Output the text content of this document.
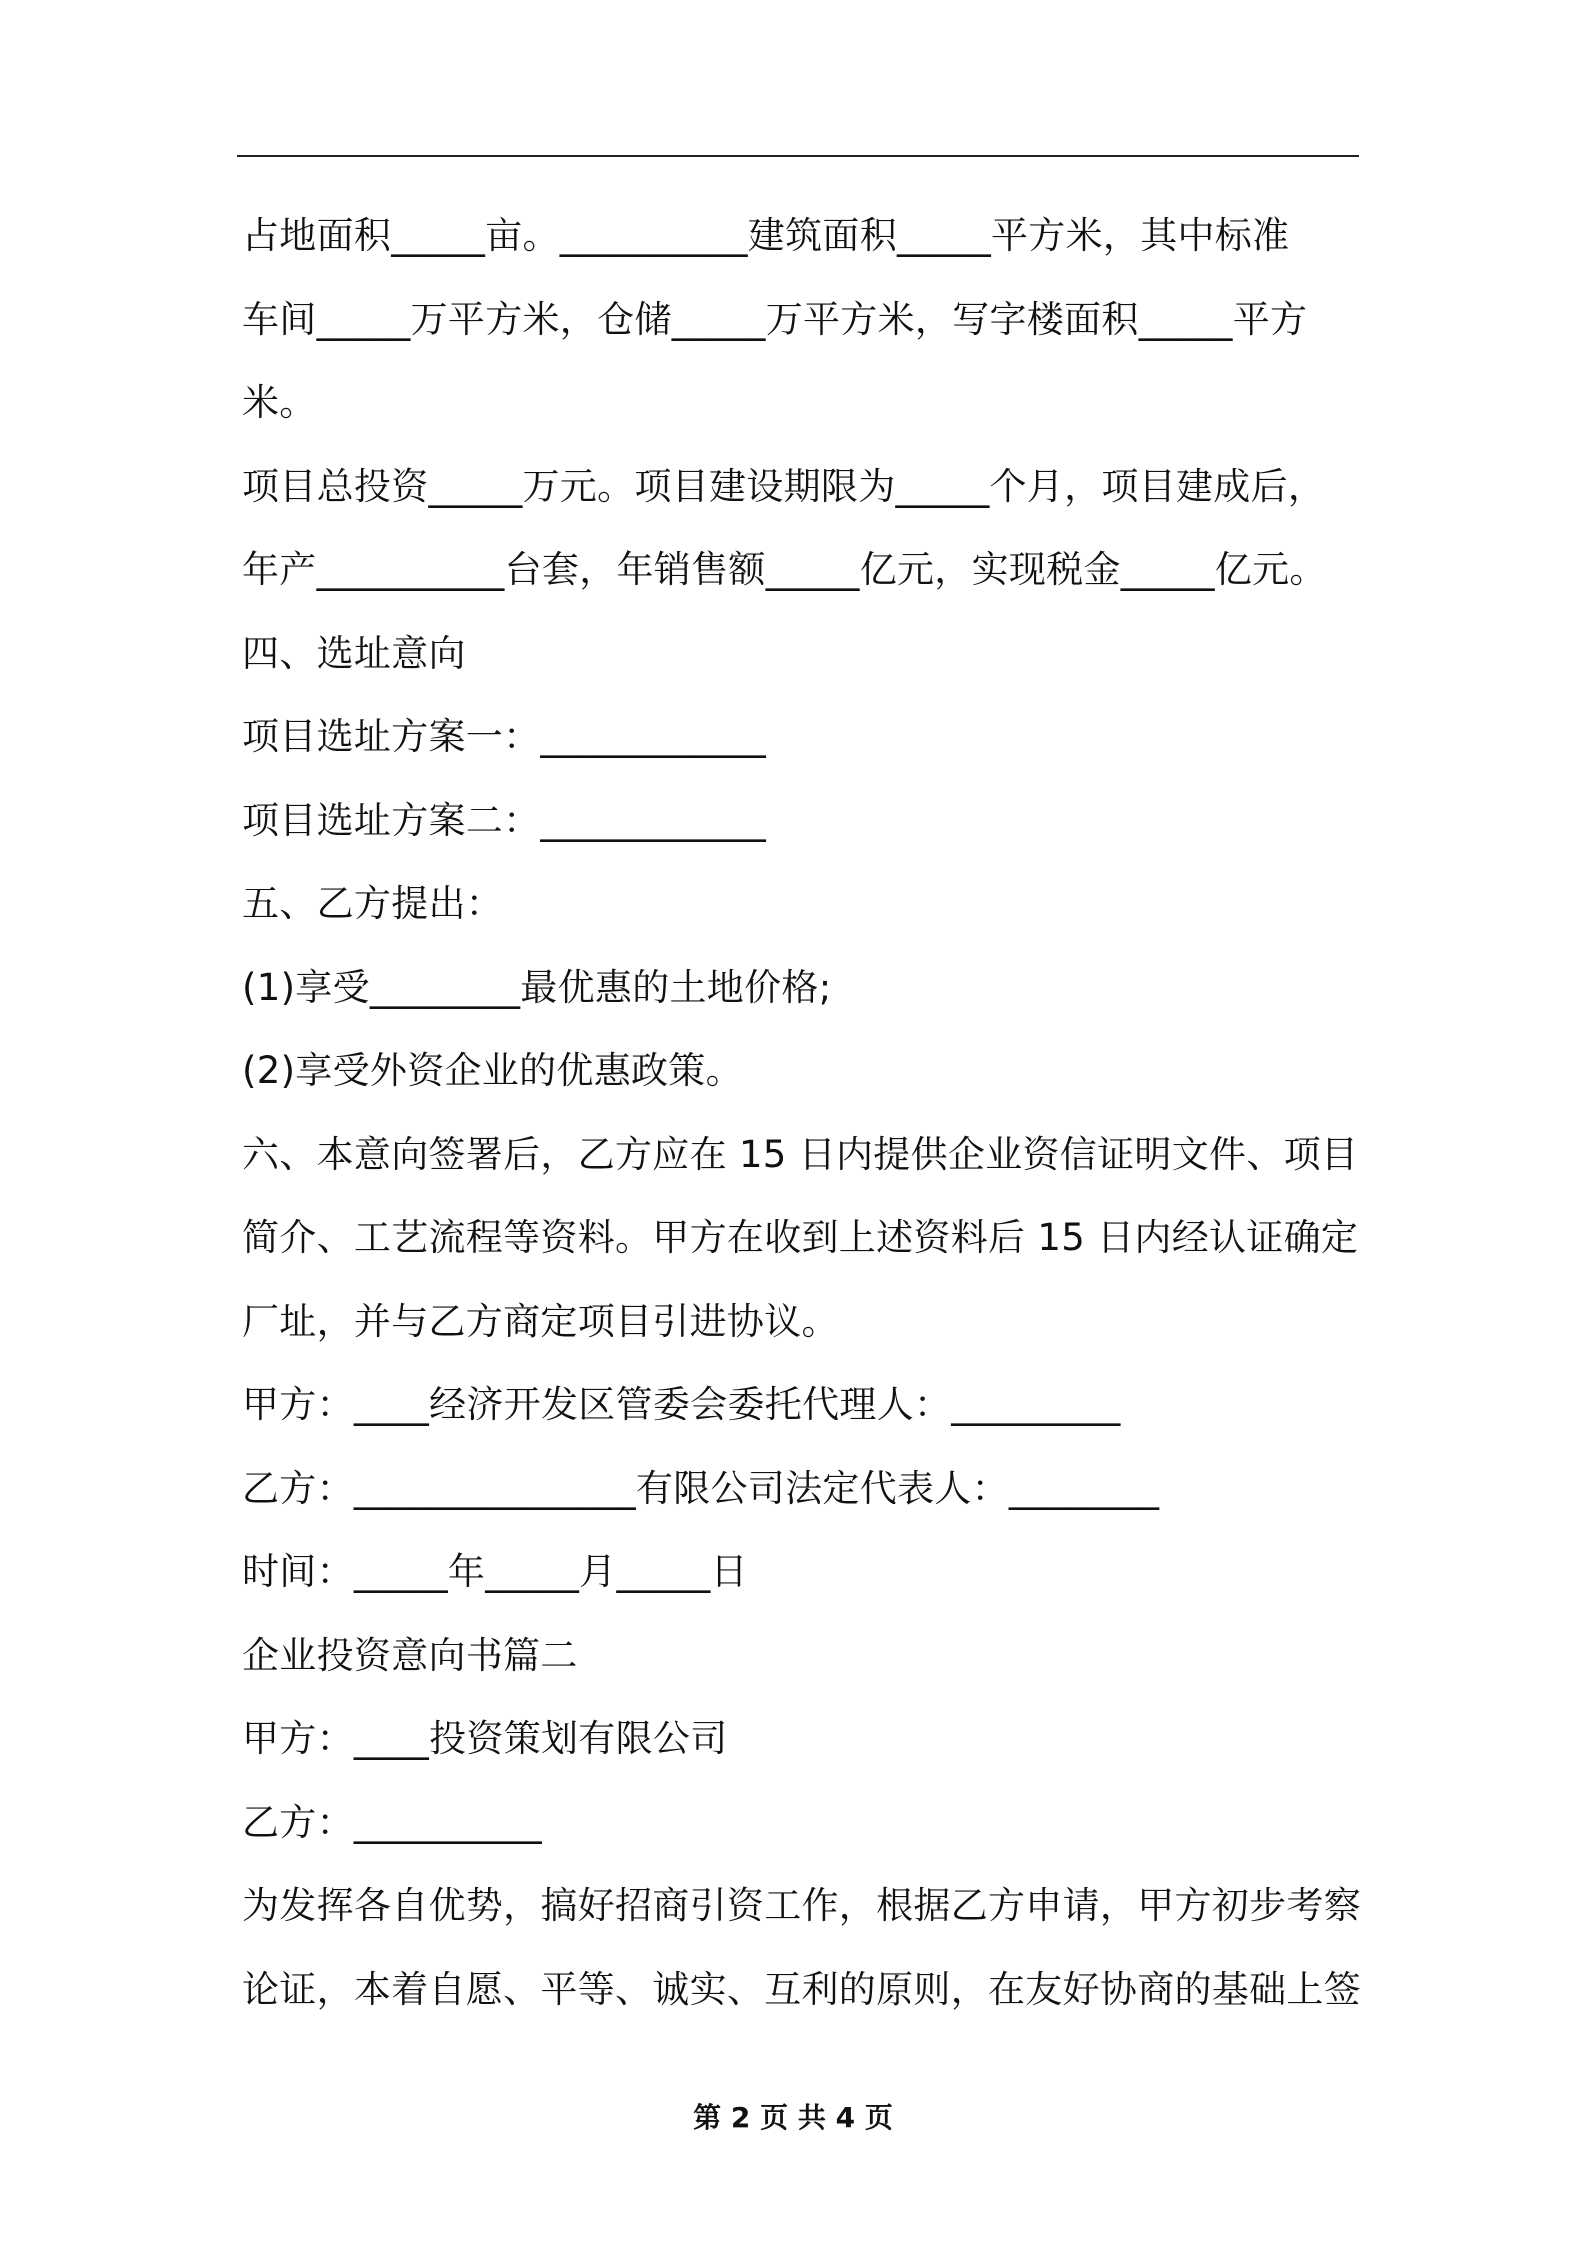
占地面积_____亩。__________建筑面积_____平方米，其中标准
车间_____万平方米，仓储_____万平方米，写字楼面积_____平方
米。
项目总投资_____万元。项目建设期限为_____个月，项目建成后，
年产__________台套，年销售额_____亿元，实现税金_____亿元。
四、选址意向
项目选址方案一：____________
项目选址方案二：____________
五、乙方提出：
(1)享受________最优惠的土地价格;
(2)享受外资企业的优惠政策。
六、本意向签署后，乙方应在 15 日内提供企业资信证明文件、项目
简介、工艺流程等资料。甲方在收到上述资料后 15 日内经认证确定
厂址，并与乙方商定项目引进协议。
甲方：____经济开发区管委会委托代理人：_________
乙方：_______________有限公司法定代表人：________
时间：_____年_____月_____日
企业投资意向书篇二
甲方：____投资策划有限公司
乙方：__________
为发挥各自优势，搞好招商引资工作，根据乙方申请，甲方初步考察
论证，本着自愿、平等、诚实、互利的原则，在友好协商的基础上签
第 2 页 共 4 页
